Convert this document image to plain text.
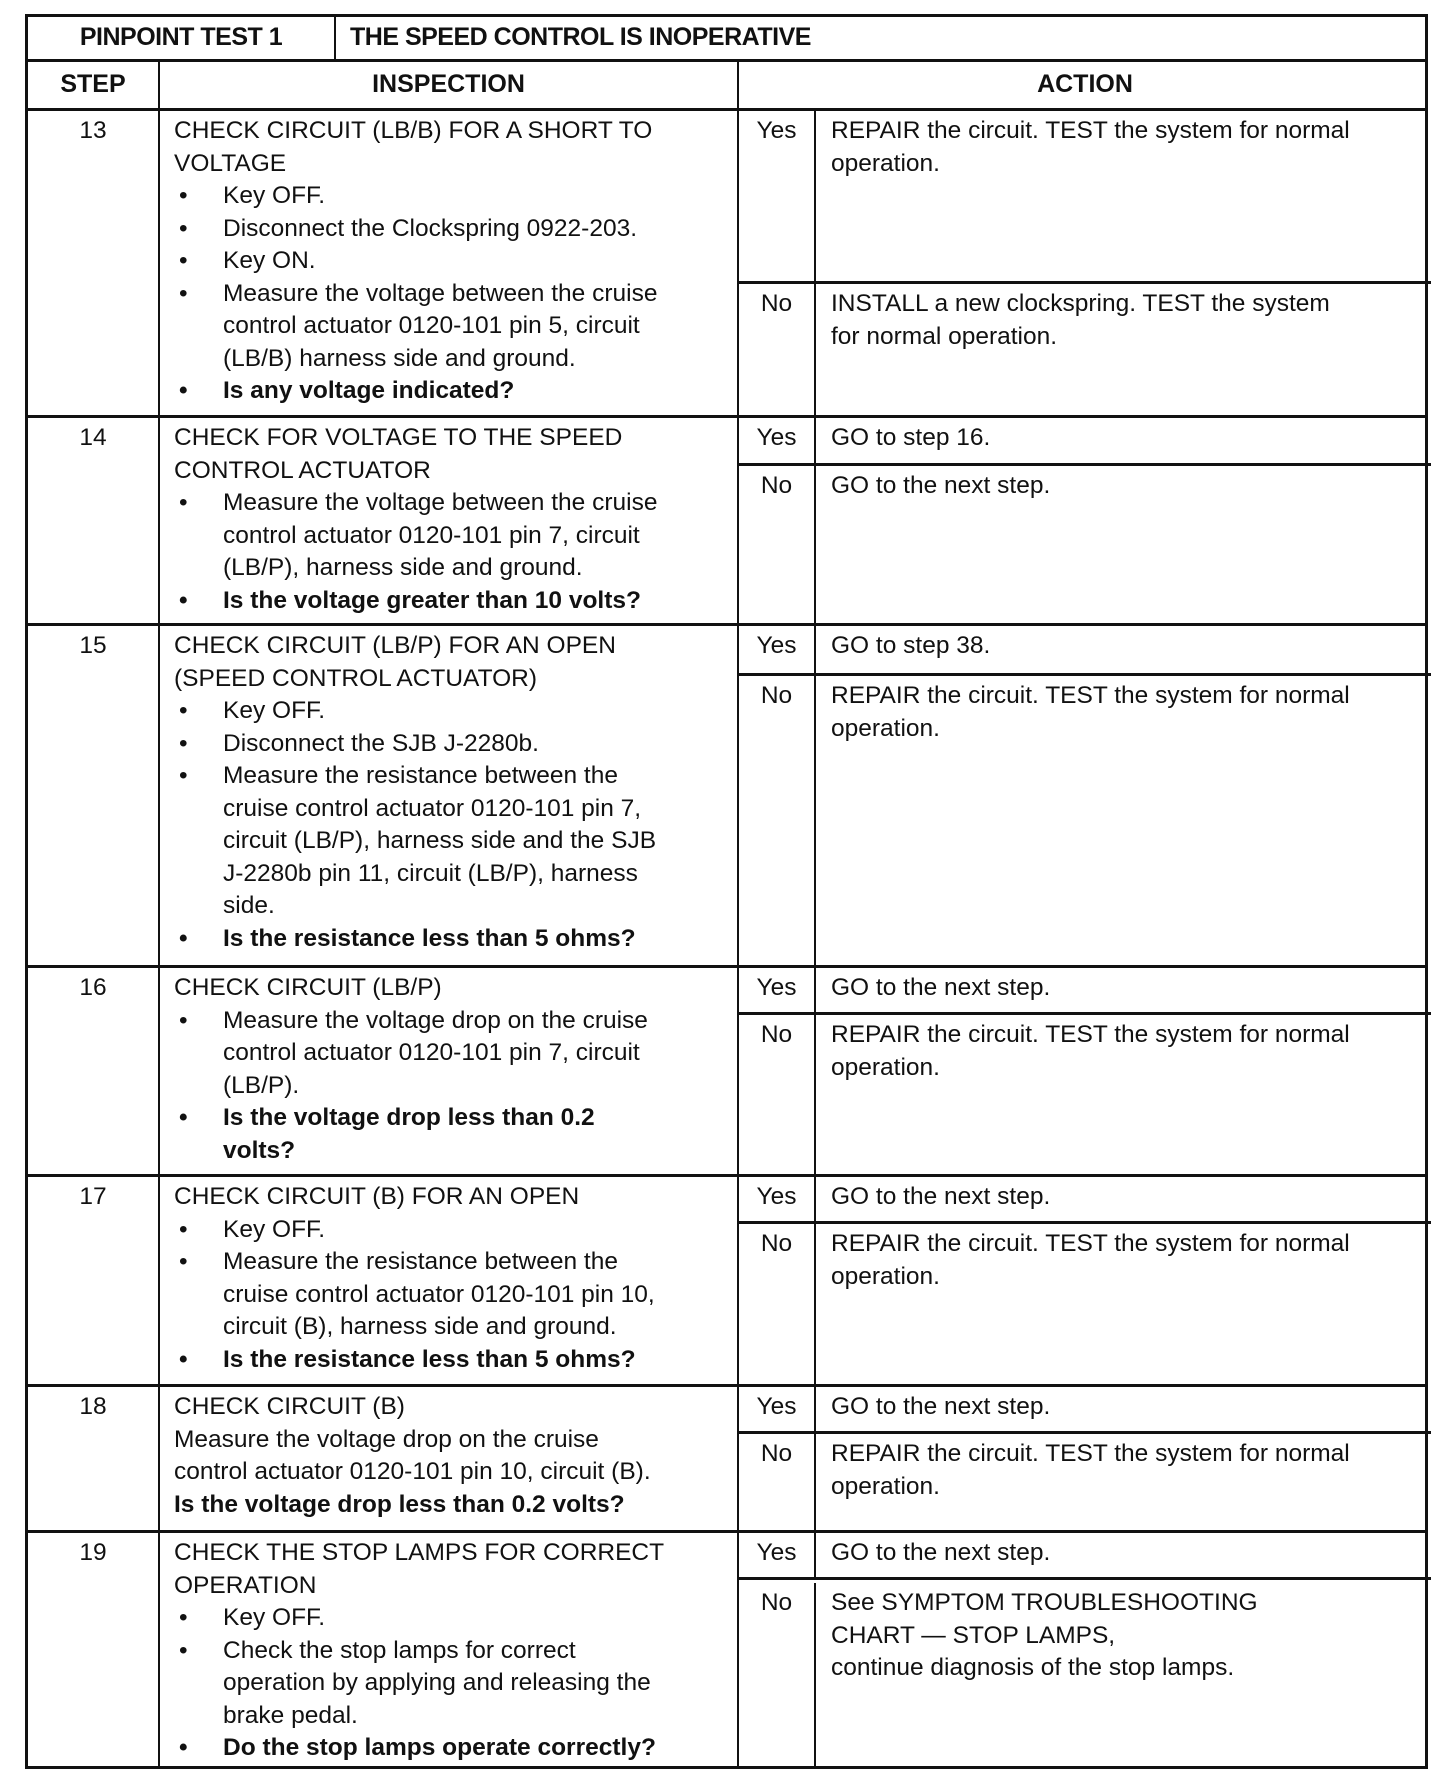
PINPOINT TEST 1	THE SPEED CONTROL IS INOPERATIVE
STEP	INSPECTION	ACTION
13	CHECK CIRCUIT (LB/B) FOR A SHORT TO
VOLTAGE
• Key OFF.
• Disconnect the Clockspring 0922-203.
• Key ON.
• Measure the voltage between the cruise
control actuator 0120-101 pin 5, circuit
(LB/B) harness side and ground.
• Is any voltage indicated?
Yes	REPAIR the circuit. TEST the system for normal
operation.
No	INSTALL a new clockspring. TEST the system
for normal operation.
14	CHECK FOR VOLTAGE TO THE SPEED
CONTROL ACTUATOR
• Measure the voltage between the cruise
control actuator 0120-101 pin 7, circuit
(LB/P), harness side and ground.
• Is the voltage greater than 10 volts?
Yes	GO to step 16.
No	GO to the next step.
15	CHECK CIRCUIT (LB/P) FOR AN OPEN
(SPEED CONTROL ACTUATOR)
• Key OFF.
• Disconnect the SJB J-2280b.
• Measure the resistance between the
cruise control actuator 0120-101 pin 7,
circuit (LB/P), harness side and the SJB
J-2280b pin 11, circuit (LB/P), harness
side.
• Is the resistance less than 5 ohms?
Yes	GO to step 38.
No	REPAIR the circuit. TEST the system for normal
operation.
16	CHECK CIRCUIT (LB/P)
• Measure the voltage drop on the cruise
control actuator 0120-101 pin 7, circuit
(LB/P).
• Is the voltage drop less than 0.2
volts?
Yes	GO to the next step.
No	REPAIR the circuit. TEST the system for normal
operation.
17	CHECK CIRCUIT (B) FOR AN OPEN
• Key OFF.
• Measure the resistance between the
cruise control actuator 0120-101 pin 10,
circuit (B), harness side and ground.
• Is the resistance less than 5 ohms?
Yes	GO to the next step.
No	REPAIR the circuit. TEST the system for normal
operation.
18	CHECK CIRCUIT (B)
Measure the voltage drop on the cruise
control actuator 0120-101 pin 10, circuit (B).
Is the voltage drop less than 0.2 volts?
Yes	GO to the next step.
No	REPAIR the circuit. TEST the system for normal
operation.
19	CHECK THE STOP LAMPS FOR CORRECT
OPERATION
• Key OFF.
• Check the stop lamps for correct
operation by applying and releasing the
brake pedal.
• Do the stop lamps operate correctly?
Yes	GO to the next step.
No	See SYMPTOM TROUBLESHOOTING
CHART — STOP LAMPS,
continue diagnosis of the stop lamps.
